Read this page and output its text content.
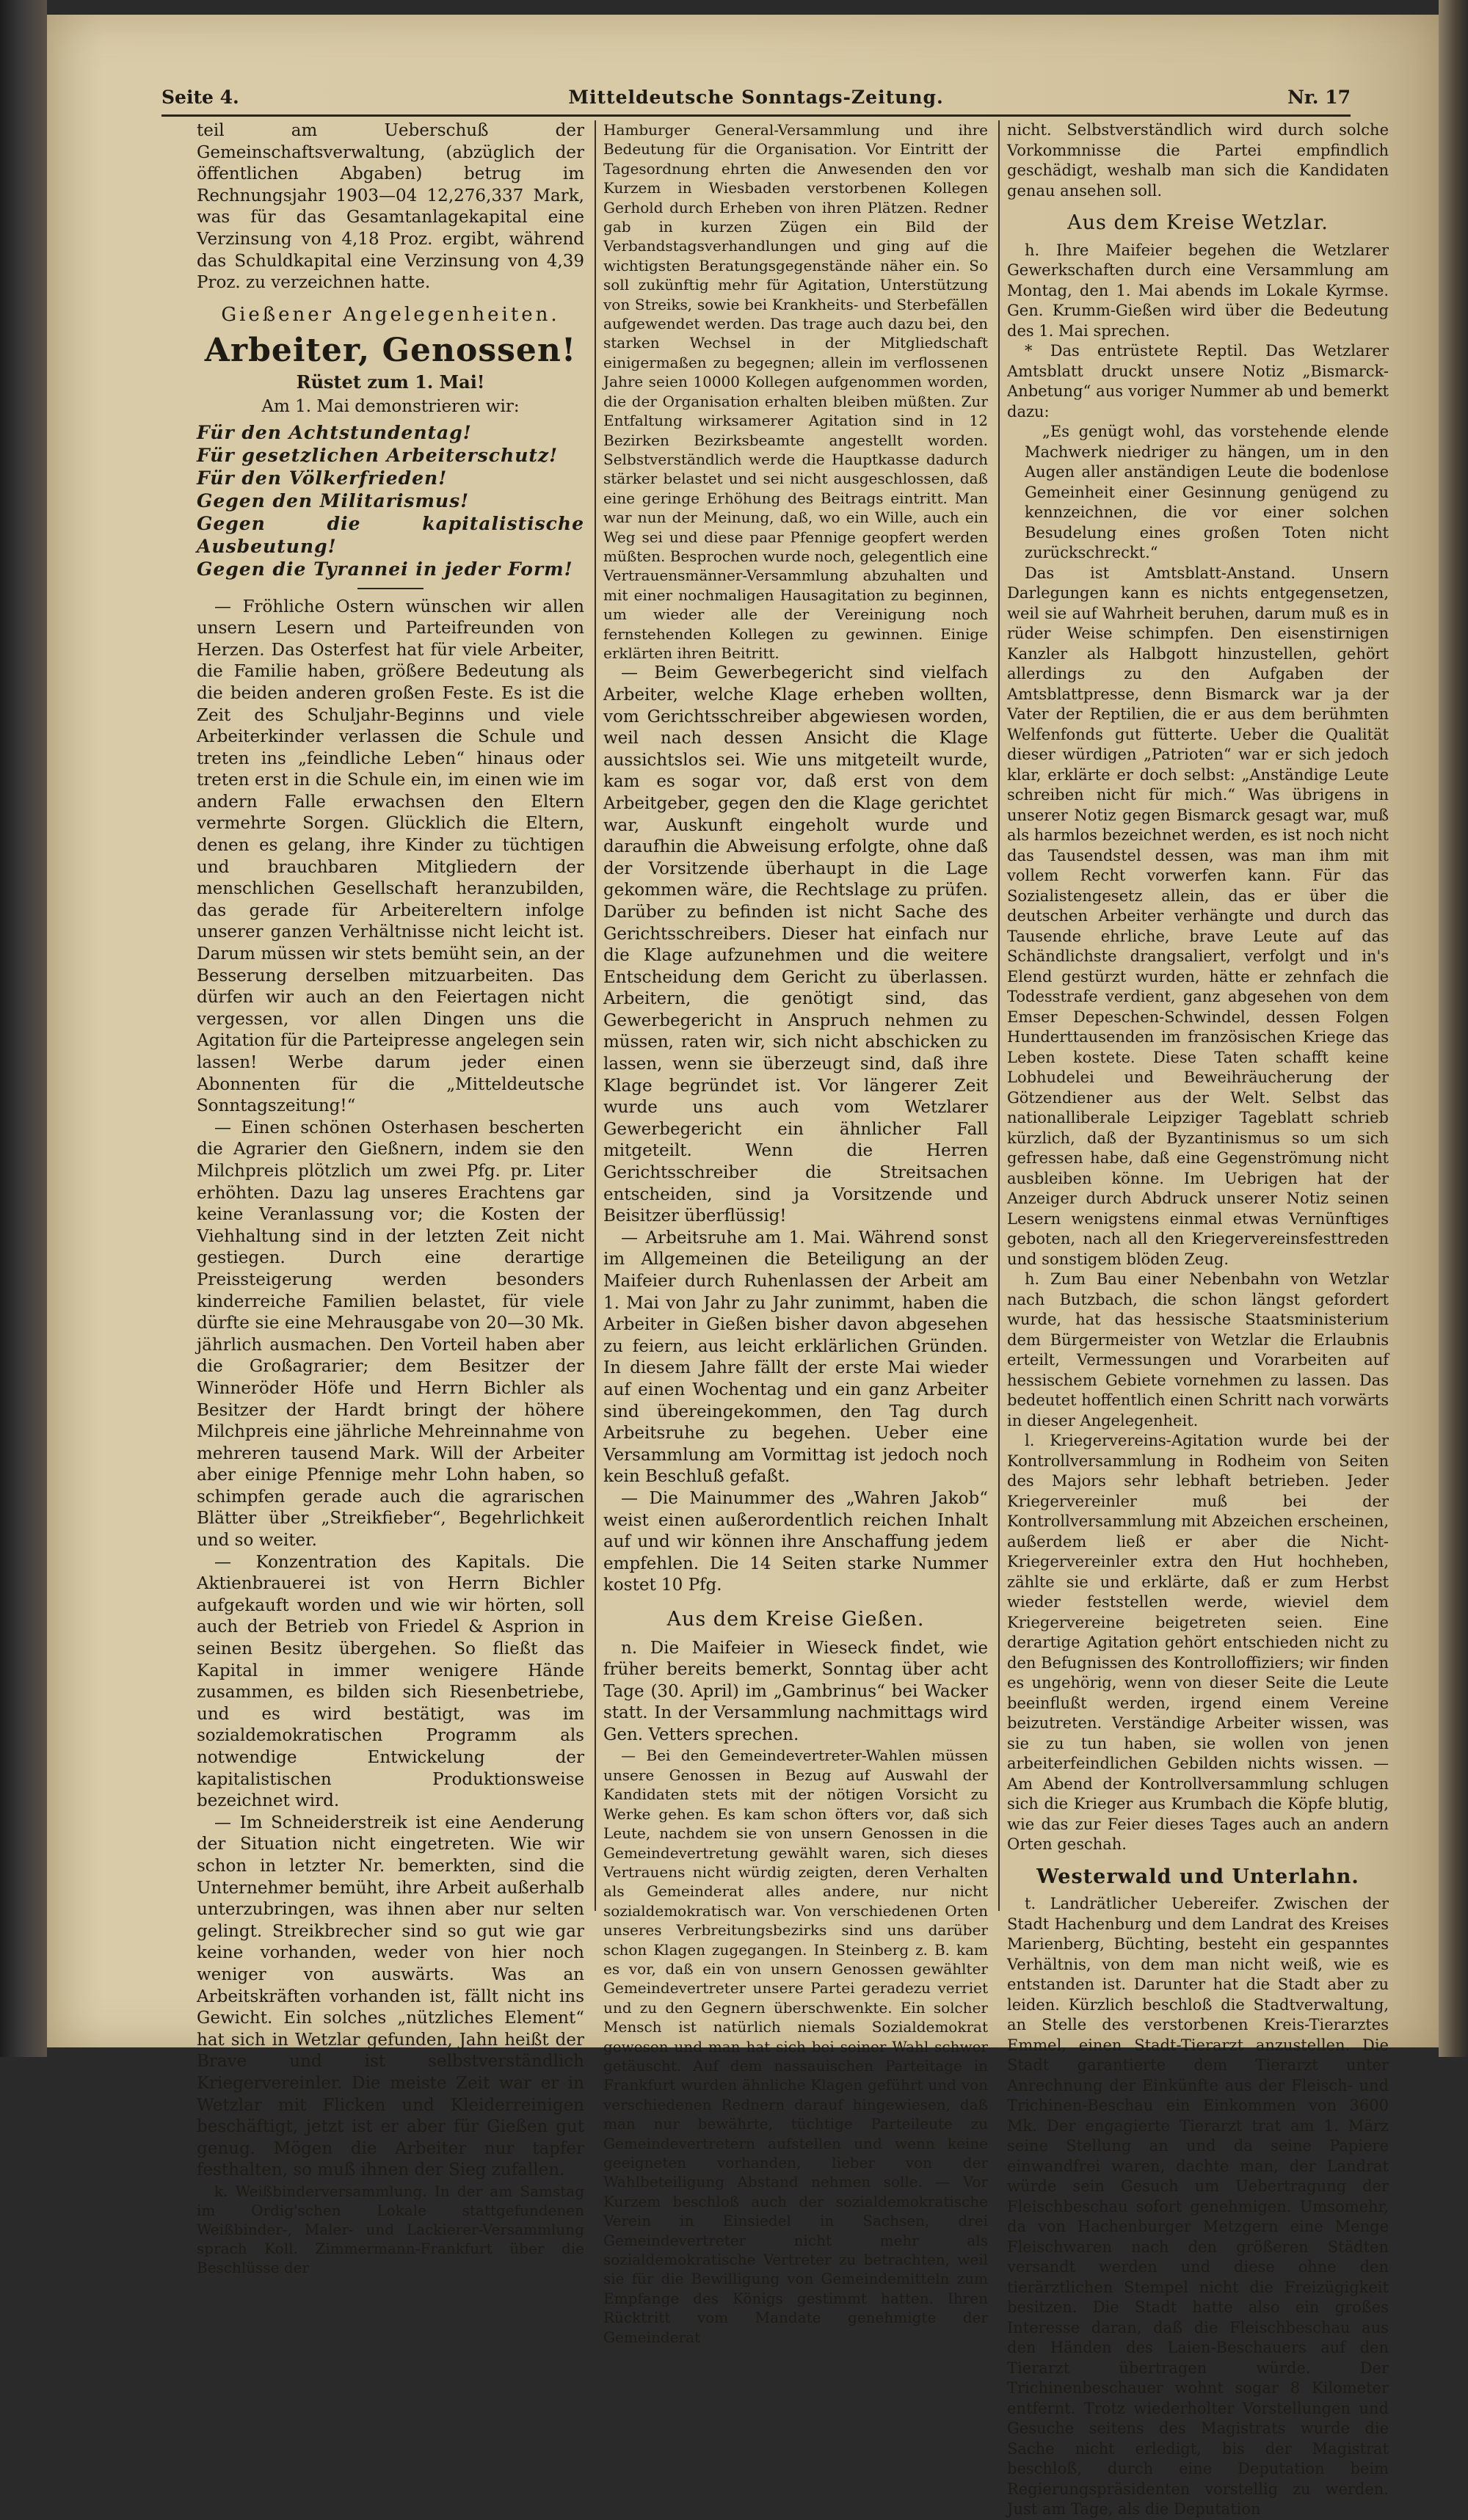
Seite 4.	Mitteldeutsche Sonntags-Zeitung.	Nr. 17

teil am Ueberschuß der Gemeinschaftsverwaltung, (abzüglich der öffentlichen Abgaben) betrug im Rechnungsjahr 1903—04 12,276,337 Mark, was für das Gesamtanlagekapital eine Verzinsung von 4,18 Proz. ergibt, während das Schuldkapital eine Verzinsung von 4,39 Proz. zu verzeichnen hatte.

Gießener Angelegenheiten.
Arbeiter, Genossen!
Rüstet zum 1. Mai!
Am 1. Mai demonstrieren wir:
Für den Achtstundentag!
Für gesetzlichen Arbeiterschutz!
Für den Völkerfrieden!
Gegen den Militarismus!
Gegen die kapitalistische Ausbeutung!
Gegen die Tyrannei in jeder Form!

— Fröhliche Ostern wünschen wir allen unsern Lesern und Parteifreunden von Herzen. Das Osterfest hat für viele Arbeiter, die Familie haben, größere Bedeutung als die beiden anderen großen Feste. Es ist die Zeit des Schuljahr-Beginns und viele Arbeiterkinder verlassen die Schule und treten ins „feindliche Leben“ hinaus oder treten erst in die Schule ein, im einen wie im andern Falle erwachsen den Eltern vermehrte Sorgen. Glücklich die Eltern, denen es gelang, ihre Kinder zu tüchtigen und brauchbaren Mitgliedern der menschlichen Gesellschaft heranzubilden, das gerade für Arbeitereltern infolge unserer ganzen Verhältnisse nicht leicht ist. Darum müssen wir stets bemüht sein, an der Besserung derselben mitzuarbeiten. Das dürfen wir auch an den Feiertagen nicht vergessen, vor allen Dingen uns die Agitation für die Parteipresse angelegen sein lassen! Werbe darum jeder einen Abonnenten für die „Mitteldeutsche Sonntagszeitung!“

— Einen schönen Osterhasen bescherten die Agrarier den Gießnern, indem sie den Milchpreis plötzlich um zwei Pfg. pr. Liter erhöhten. Dazu lag unseres Erachtens gar keine Veranlassung vor; die Kosten der Viehhaltung sind in der letzten Zeit nicht gestiegen. Durch eine derartige Preissteigerung werden besonders kinderreiche Familien belastet, für viele dürfte sie eine Mehrausgabe von 20—30 Mk. jährlich ausmachen. Den Vorteil haben aber die Großagrarier; dem Besitzer der Winneröder Höfe und Herrn Bichler als Besitzer der Hardt bringt der höhere Milchpreis eine jährliche Mehreinnahme von mehreren tausend Mark. Will der Arbeiter aber einige Pfennige mehr Lohn haben, so schimpfen gerade auch die agrarischen Blätter über „Streikfieber“, Begehrlichkeit und so weiter.

— Konzentration des Kapitals. Die Aktienbrauerei ist von Herrn Bichler aufgekauft worden und wie wir hörten, soll auch der Betrieb von Friedel & Asprion in seinen Besitz übergehen. So fließt das Kapital in immer wenigere Hände zusammen, es bilden sich Riesenbetriebe, und es wird bestätigt, was im sozialdemokratischen Programm als notwendige Entwickelung der kapitalistischen Produktionsweise bezeichnet wird.

— Im Schneiderstreik ist eine Aenderung der Situation nicht eingetreten. Wie wir schon in letzter Nr. bemerkten, sind die Unternehmer bemüht, ihre Arbeit außerhalb unterzubringen, was ihnen aber nur selten gelingt. Streikbrecher sind so gut wie gar keine vorhanden, weder von hier noch weniger von auswärts. Was an Arbeitskräften vorhanden ist, fällt nicht ins Gewicht. Ein solches „nützliches Element“ hat sich in Wetzlar gefunden, Jahn heißt der Brave und ist selbstverständlich Kriegervereinler. Die meiste Zeit war er in Wetzlar mit Flicken und Kleiderreinigen beschäftigt, jetzt ist er aber für Gießen gut genug. Mögen die Arbeiter nur tapfer festhalten, so muß ihnen der Sieg zufallen.

k. Weißbinderversammlung. In der am Samstag im Ordig'schen Lokale stattgefundenen Weißbinder-, Maler- und Lackierer-Versammlung sprach Koll. Zimmermann-Frankfurt über die Beschlüsse der

Hamburger General-Versammlung und ihre Bedeutung für die Organisation. Vor Eintritt der Tagesordnung ehrten die Anwesenden den vor Kurzem in Wiesbaden verstorbenen Kollegen Gerhold durch Erheben von ihren Plätzen. Redner gab in kurzen Zügen ein Bild der Verbandstagsverhandlungen und ging auf die wichtigsten Beratungsgegenstände näher ein. So soll zukünftig mehr für Agitation, Unterstützung von Streiks, sowie bei Krankheits- und Sterbefällen aufgewendet werden. Das trage auch dazu bei, den starken Wechsel in der Mitgliedschaft einigermaßen zu begegnen; allein im verflossenen Jahre seien 10000 Kollegen aufgenommen worden, die der Organisation erhalten bleiben müßten. Zur Entfaltung wirksamerer Agitation sind in 12 Bezirken Bezirksbeamte angestellt worden. Selbstverständlich werde die Hauptkasse dadurch stärker belastet und sei nicht ausgeschlossen, daß eine geringe Erhöhung des Beitrags eintritt. Man war nun der Meinung, daß, wo ein Wille, auch ein Weg sei und diese paar Pfennige geopfert werden müßten. Besprochen wurde noch, gelegentlich eine Vertrauensmänner-Versammlung abzuhalten und mit einer nochmaligen Hausagitation zu beginnen, um wieder alle der Vereinigung noch fernstehenden Kollegen zu gewinnen. Einige erklärten ihren Beitritt.

— Beim Gewerbegericht sind vielfach Arbeiter, welche Klage erheben wollten, vom Gerichtsschreiber abgewiesen worden, weil nach dessen Ansicht die Klage aussichtslos sei. Wie uns mitgeteilt wurde, kam es sogar vor, daß erst von dem Arbeitgeber, gegen den die Klage gerichtet war, Auskunft eingeholt wurde und daraufhin die Abweisung erfolgte, ohne daß der Vorsitzende überhaupt in die Lage gekommen wäre, die Rechtslage zu prüfen. Darüber zu befinden ist nicht Sache des Gerichtsschreibers. Dieser hat einfach nur die Klage aufzunehmen und die weitere Entscheidung dem Gericht zu überlassen. Arbeitern, die genötigt sind, das Gewerbegericht in Anspruch nehmen zu müssen, raten wir, sich nicht abschicken zu lassen, wenn sie überzeugt sind, daß ihre Klage begründet ist. Vor längerer Zeit wurde uns auch vom Wetzlarer Gewerbegericht ein ähnlicher Fall mitgeteilt. Wenn die Herren Gerichtsschreiber die Streitsachen entscheiden, sind ja Vorsitzende und Beisitzer überflüssig!

— Arbeitsruhe am 1. Mai. Während sonst im Allgemeinen die Beteiligung an der Maifeier durch Ruhenlassen der Arbeit am 1. Mai von Jahr zu Jahr zunimmt, haben die Arbeiter in Gießen bisher davon abgesehen zu feiern, aus leicht erklärlichen Gründen. In diesem Jahre fällt der erste Mai wieder auf einen Wochentag und ein ganz Arbeiter sind übereingekommen, den Tag durch Arbeitsruhe zu begehen. Ueber eine Versammlung am Vormittag ist jedoch noch kein Beschluß gefaßt.

— Die Mainummer des „Wahren Jakob“ weist einen außerordentlich reichen Inhalt auf und wir können ihre Anschaffung jedem empfehlen. Die 14 Seiten starke Nummer kostet 10 Pfg.

Aus dem Kreise Gießen.

n. Die Maifeier in Wieseck findet, wie früher bereits bemerkt, Sonntag über acht Tage (30. April) im „Gambrinus“ bei Wacker statt. In der Versammlung nachmittags wird Gen. Vetters sprechen.

— Bei den Gemeindevertreter-Wahlen müssen unsere Genossen in Bezug auf Auswahl der Kandidaten stets mit der nötigen Vorsicht zu Werke gehen. Es kam schon öfters vor, daß sich Leute, nachdem sie von unsern Genossen in die Gemeindevertretung gewählt waren, sich dieses Vertrauens nicht würdig zeigten, deren Verhalten als Gemeinderat alles andere, nur nicht sozialdemokratisch war. Von verschiedenen Orten unseres Verbreitungsbezirks sind uns darüber schon Klagen zugegangen. In Steinberg z. B. kam es vor, daß ein von unsern Genossen gewählter Gemeindevertreter unsere Partei geradezu verriet und zu den Gegnern überschwenkte. Ein solcher Mensch ist natürlich niemals Sozialdemokrat gewesen und man hat sich bei seiner Wahl schwer getäuscht. Auf dem nassauischen Parteitage in Frankfurt wurden ähnliche Klagen geführt und von verschiedenen Rednern darauf hingewiesen, daß man nur bewährte, tüchtige Parteileute zu Gemeindevertretern aufstellen und wenn keine geeigneten vorhanden, lieber von der Wahlbeteiligung Abstand nehmen solle. — Vor Kurzem beschloß auch der sozialdemokratische Verein in Einsiedel in Sachsen, drei Gemeindevertreter nicht mehr als sozialdemokratische Vertreter zu betrachten, weil sie für die Bewilligung von Gemeindemitteln zum Empfange des Königs gestimmt hatten. Ihren Rücktritt vom Mandate genehmigte der Gemeinderat

nicht. Selbstverständlich wird durch solche Vorkommnisse die Partei empfindlich geschädigt, weshalb man sich die Kandidaten genau ansehen soll.

Aus dem Kreise Wetzlar.

h. Ihre Maifeier begehen die Wetzlarer Gewerkschaften durch eine Versammlung am Montag, den 1. Mai abends im Lokale Kyrmse. Gen. Krumm-Gießen wird über die Bedeutung des 1. Mai sprechen.

* Das entrüstete Reptil. Das Wetzlarer Amtsblatt druckt unsere Notiz „Bismarck-Anbetung“ aus voriger Nummer ab und bemerkt dazu:

„Es genügt wohl, das vorstehende elende Machwerk niedriger zu hängen, um in den Augen aller anständigen Leute die bodenlose Gemeinheit einer Gesinnung genügend zu kennzeichnen, die vor einer solchen Besudelung eines großen Toten nicht zurückschreckt.“

Das ist Amtsblatt-Anstand. Unsern Darlegungen kann es nichts entgegensetzen, weil sie auf Wahrheit beruhen, darum muß es in rüder Weise schimpfen. Den eisenstirnigen Kanzler als Halbgott hinzustellen, gehört allerdings zu den Aufgaben der Amtsblattpresse, denn Bismarck war ja der Vater der Reptilien, die er aus dem berühmten Welfenfonds gut fütterte. Ueber die Qualität dieser würdigen „Patrioten“ war er sich jedoch klar, erklärte er doch selbst: „Anständige Leute schreiben nicht für mich.“ Was übrigens in unserer Notiz gegen Bismarck gesagt war, muß als harmlos bezeichnet werden, es ist noch nicht das Tausendstel dessen, was man ihm mit vollem Recht vorwerfen kann. Für das Sozialistengesetz allein, das er über die deutschen Arbeiter verhängte und durch das Tausende ehrliche, brave Leute auf das Schändlichste drangsaliert, verfolgt und in's Elend gestürzt wurden, hätte er zehnfach die Todesstrafe verdient, ganz abgesehen von dem Emser Depeschen-Schwindel, dessen Folgen Hunderttausenden im französischen Kriege das Leben kostete. Diese Taten schafft keine Lobhudelei und Beweihräucherung der Götzendiener aus der Welt. Selbst das nationalliberale Leipziger Tageblatt schrieb kürzlich, daß der Byzantinismus so um sich gefressen habe, daß eine Gegenströmung nicht ausbleiben könne. Im Uebrigen hat der Anzeiger durch Abdruck unserer Notiz seinen Lesern wenigstens einmal etwas Vernünftiges geboten, nach all den Kriegervereinsfesttreden und sonstigem blöden Zeug.

h. Zum Bau einer Nebenbahn von Wetzlar nach Butzbach, die schon längst gefordert wurde, hat das hessische Staatsministerium dem Bürgermeister von Wetzlar die Erlaubnis erteilt, Vermessungen und Vorarbeiten auf hessischem Gebiete vornehmen zu lassen. Das bedeutet hoffentlich einen Schritt nach vorwärts in dieser Angelegenheit.

l. Kriegervereins-Agitation wurde bei der Kontrollversammlung in Rodheim von Seiten des Majors sehr lebhaft betrieben. Jeder Kriegervereinler muß bei der Kontrollversammlung mit Abzeichen erscheinen, außerdem ließ er aber die Nicht-Kriegervereinler extra den Hut hochheben, zählte sie und erklärte, daß er zum Herbst wieder feststellen werde, wieviel dem Kriegervereine beigetreten seien. Eine derartige Agitation gehört entschieden nicht zu den Befugnissen des Kontrolloffiziers; wir finden es ungehörig, wenn von dieser Seite die Leute beeinflußt werden, irgend einem Vereine beizutreten. Verständige Arbeiter wissen, was sie zu tun haben, sie wollen von jenen arbeiterfeindlichen Gebilden nichts wissen. — Am Abend der Kontrollversammlung schlugen sich die Krieger aus Krumbach die Köpfe blutig, wie das zur Feier dieses Tages auch an andern Orten geschah.

Westerwald und Unterlahn.

t. Landrätlicher Uebereifer. Zwischen der Stadt Hachenburg und dem Landrat des Kreises Marienberg, Büchting, besteht ein gespanntes Verhältnis, von dem man nicht weiß, wie es entstanden ist. Darunter hat die Stadt aber zu leiden. Kürzlich beschloß die Stadtverwaltung, an Stelle des verstorbenen Kreis-Tierarztes Emmel, einen Stadt-Tierarzt anzustellen. Die Stadt garantierte dem Tierarzt unter Anrechnung der Einkünfte aus der Fleisch- und Trichinen-Beschau ein Einkommen von 3600 Mk. Der engagierte Tierarzt trat am 1. März seine Stellung an und da seine Papiere einwandfrei waren, dachte man, der Landrat würde sein Gesuch um Uebertragung der Fleischbeschau sofort genehmigen. Umsomehr, da von Hachenburger Metzgern eine Menge Fleischwaren nach den größeren Städten versandt werden und diese ohne den tierärztlichen Stempel nicht die Freizügigkeit besitzen. Die Stadt hatte also ein großes Interesse daran, daß die Fleischbeschau aus den Händen des Laien-Beschauers auf den Tierarzt übertragen würde. Der Trichinenbeschauer wohnt sogar 8 Kilometer entfernt. Trotz wiederholter Vorstellungen und Gesuche seitens des Magistrats wurde die Sache nicht erledigt, bis der Magistrat beschloß, durch eine Deputation beim Regierungspräsidenten vorstellig zu werden. Just am Tage, als die Deputation
